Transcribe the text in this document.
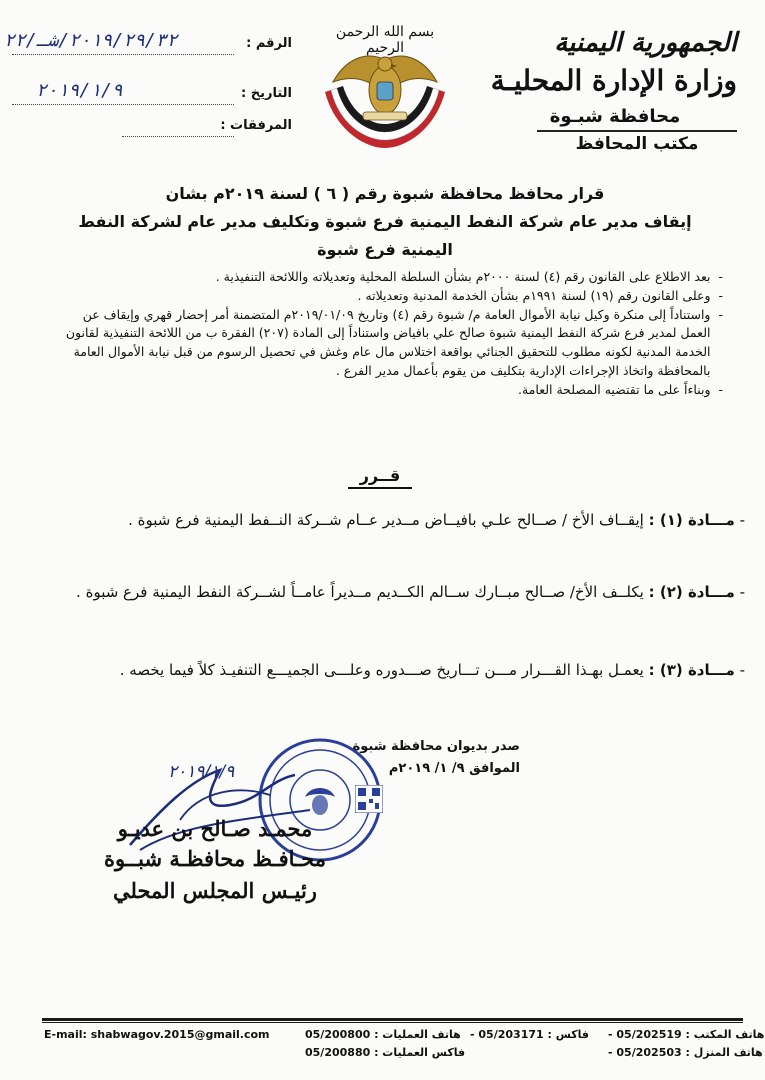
الجمهورية اليمنية
وزارة الإدارة المحليـة
محافظة شبـوة
مكتب المحافظ
بسم الله الرحمن الرحيم
الرقم :
٢٠١٩/٢٩/٣٢/شـ/٢٢
التاريخ :
٢٠١٩/١/٩
المرفقات :
قرار محافظ محافظة شبوة رقم ( ٦ ) لسنة ٢٠١٩م بشان
إيقاف مدير عام شركة النفط اليمنية فرع شبوة وتكليف مدير عام لشركة النفط
اليمنية فرع شبوة
-
بعد الاطلاع على القانون رقم (٤) لسنة ٢٠٠٠م بشأن السلطة المحلية وتعديلاته واللائحة التنفيذية .
-
وعلى القانون رقم (١٩) لسنة ١٩٩١م بشأن الخدمة المدنية وتعديلاته .
-
واستناداً إلى منكرة وكيل نيابة الأموال العامة م/ شبوة رقم (٤) وتاريخ ٢٠١٩/٠١/٠٩م المتضمنة أمر إحضار قهري وإيقاف عن العمل لمدير فرع شركة النفط اليمنية شبوة صالح علي بافياض واستناداً إلى المادة (٢٠٧) الفقرة ب من اللائحة التنفيذية لقانون الخدمة المدنية لكونه مطلوب للتحقيق الجنائي بواقعة اختلاس مال عام وغش في تحصيل الرسوم من قبل نيابة الأموال العامة بالمحافظة واتخاذ الإجراءات الإدارية بتكليف من يقوم بأعمال مدير الفرع .
-
وبناءاً على ما تقتضيه المصلحة العامة.
قــرر
- مـــادة (١) : إيقــاف الأخ / صــالح علـي بافيــاض مــدير عــام شــركة النــفط اليمنية فرع شبوة .
- مـــادة (٢) : يكلــف الأخ/ صــالح مبــارك ســالم الكــديم مــديراً عامــاً لشــركة النفط اليمنية فرع شبوة .
- مـــادة (٣) : يعمـل بهـذا القـــرار مـــن تـــاريخ صـــدوره وعلـــى الجميـــع التنفيـذ كلاً فيما يخصه .
صدر بديوان محافظة شبوة
الموافق ٩/ ١/ ٢٠١٩م
٢٠١٩/١/٩
محمـد صـالح بن عديـو
محـافـظ محافظـة شبــوة
رئيـس المجلس المحلي
E-mail: shabwagov.2015@gmail.com	هاتف العمليات : 05/200800
فاكس العمليات : 05/200880
فاكس : 05/203171 - هاتف المكتب : 05/202519 -
هاتف المنزل : 05/202503 -
